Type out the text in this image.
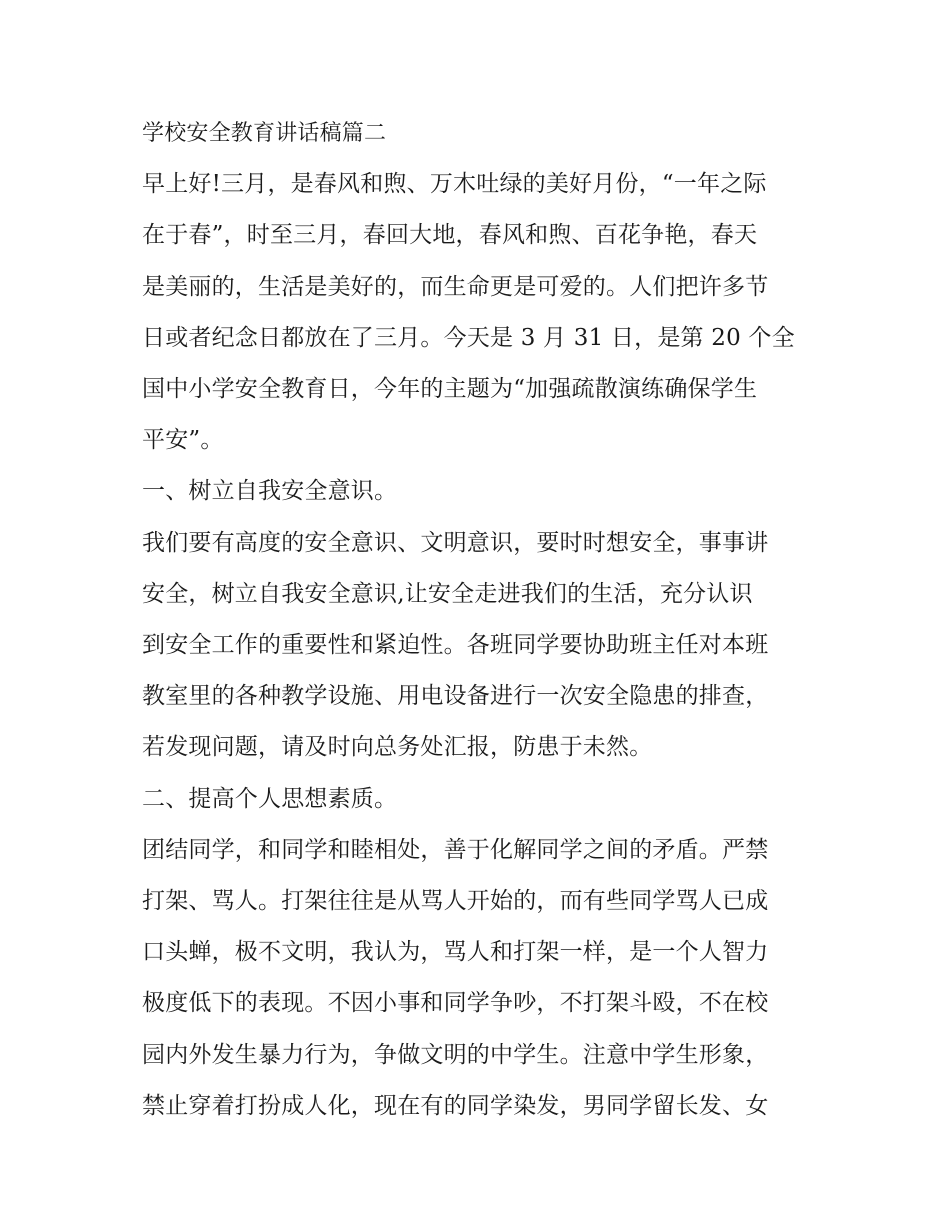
学校安全教育讲话稿篇二
早上好!三月，是春风和煦、万木吐绿的美好月份，“一年之际
在于春”，时至三月，春回大地，春风和煦、百花争艳，春天
是美丽的，生活是美好的，而生命更是可爱的。人们把许多节
日或者纪念日都放在了三月。今天是 3 月 31 日，是第 20 个全
国中小学安全教育日，今年的主题为“加强疏散演练确保学生
平安”。
一、树立自我安全意识。
我们要有高度的安全意识、文明意识，要时时想安全，事事讲
安全，树立自我安全意识,让安全走进我们的生活，充分认识
到安全工作的重要性和紧迫性。各班同学要协助班主任对本班
教室里的各种教学设施、用电设备进行一次安全隐患的排查，
若发现问题，请及时向总务处汇报，防患于未然。
二、提高个人思想素质。
团结同学，和同学和睦相处，善于化解同学之间的矛盾。严禁
打架、骂人。打架往往是从骂人开始的，而有些同学骂人已成
口头蝉，极不文明，我认为，骂人和打架一样，是一个人智力
极度低下的表现。不因小事和同学争吵，不打架斗殴，不在校
园内外发生暴力行为，争做文明的中学生。注意中学生形象，
禁止穿着打扮成人化，现在有的同学染发，男同学留长发、女
